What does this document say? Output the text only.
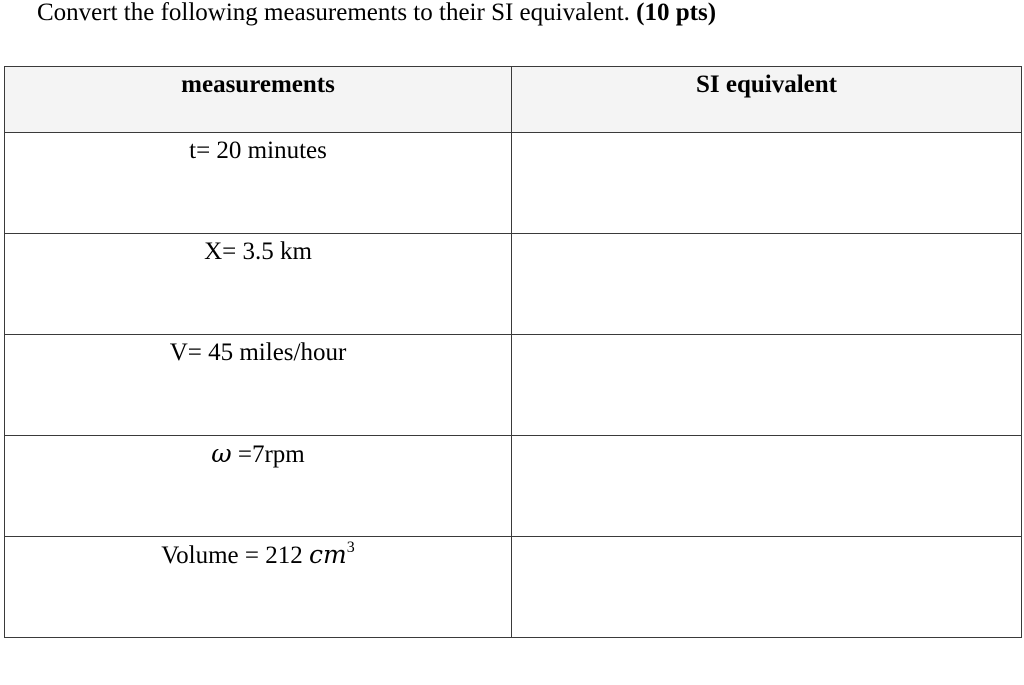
Convert the following measurements to their SI equivalent. (10 pts)
measurements	SI equivalent
t= 20 minutes	
X= 3.5 km	
V= 45 miles/hour	
ω =7rpm	
Volume = 212 $cm^3$	
